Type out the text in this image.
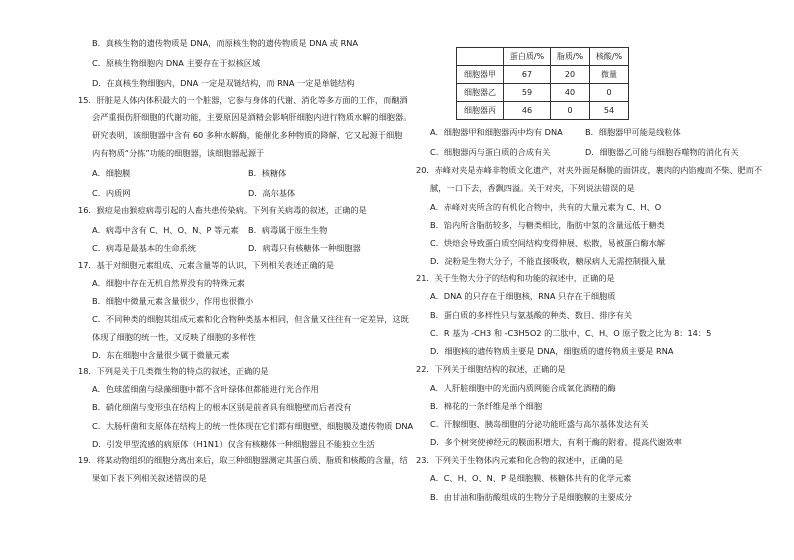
B．真核生物的遗传物质是 DNA，而原核生物的遗传物质是 DNA 或 RNA
C．原核生物细胞内 DNA 主要存在于拟核区域
D．在真核生物细胞内，DNA 一定是双链结构，而 RNA 一定是单链结构
15．肝脏是人体内体积最大的一个脏器，它参与身体的代谢、消化等多方面的工作，而酗酒
会严重损伤肝细胞的代谢功能，主要原因是酒精会影响肝细胞内进行物质水解的细胞器。
研究表明，该细胞器中含有 60 多种水解酶，能催化多种物质的降解，它又起源于细胞
内有物质“分拣”功能的细胞器，该细胞器起源于
A．细胞膜	B．核糖体
C．内质网	D．高尔基体
16．猴痘是由猴痘病毒引起的人畜共患传染病。下列有关病毒的叙述，正确的是
A．病毒中含有 C、H、O、N、P 等元素 B．病毒属于原生生物
C．病毒是最基本的生命系统	D．病毒只有核糖体一种细胞器
17．基于对细胞元素组成、元素含量等的认识，下列相关表述正确的是
A．细胞中存在无机自然界没有的特殊元素
B．细胞中微量元素含量很少，作用也很微小
C．不同种类的细胞其组成元素和化合物种类基本相同，但含量又往往有一定差异，这既
体现了细胞的统一性，又反映了细胞的多样性
D．东在细胞中含量很少属于微量元素
18．下列是关于几类微生物的特点的叙述，正确的是
A．色球蓝细菌与绿藻细胞中都不含叶绿体但都能进行光合作用
B．硝化细菌与变形虫在结构上的根本区别是前者具有细胞壁而后者没有
C．大肠杆菌和支原体在结构上的统一性体现在它们都有细胞壁、细胞膜及遗传物质 DNA
D．引发甲型流感的病原体（H1N1）仅含有核糖体一种细胞器且不能独立生活
19．将某动物组织的细胞分离出来后，取三种细胞器测定其蛋白质、脂质和核酸的含量，结
果如下表下列相关叙述错误的是
	蛋白质/%	脂质/%	核酸/%
细胞器甲	67	20	微量
细胞器乙	59	40	0
细胞器丙	46	0	54
A．细胞器甲和细胞器丙中均有 DNA	B．细胞器甲可能是线粒体
C．细胞器丙与蛋白质的合成有关	D．细胞器乙可能与细胞吞噬物的消化有关
20．赤峰对夹是赤峰非物质文化遗产，对夹外面是酥脆的面饼皮，裹肉的内馅瘦而不柴、肥而不
腻，一口下去，香飘四溢。关于对夹，下列说法错误的是
A．赤峰对夹所含的有机化合物中，共有的大量元素为 C、H、O
B．馅内所含脂肪较多，与糖类相比，脂肪中氢的含量远低于糖类
C．烘焙会导致蛋白质空间结构变得伸展、松散，易被蛋白酶水解
D．淀粉是生物大分子，不能直接吸收，糖尿病人无需控制摄入量
21．关于生物大分子的结构和功能的叙述中，正确的是
A．DNA 的只存在于细胞核，RNA 只存在于细胞质
B．蛋白质的多样性只与氨基酸的种类、数目、排序有关
C．R 基为 -CH3 和 -C3H5O2 的二肽中，C、H、O 原子数之比为 8：14：5
D．细胞核的遗传物质主要是 DNA，细胞质的遗传物质主要是 RNA
22．下列关于细胞结构的叙述，正确的是
A．人肝脏细胞中的光面内质网能合成氧化酒精的酶
B．棉花的一条纤维是单个细胞
C．汗腺细胞、胰岛细胞的分泌功能旺盛与高尔基体发达有关
D．多个树突使神经元的膜面积增大，有利于酶的附着，提高代谢效率
23．下列关于生物体内元素和化合物的叙述中，正确的是
A．C、H、O、N、P 是细胞膜、核糖体共有的化学元素
B．由甘油和脂肪酸组成的生物分子是细胞膜的主要成分
